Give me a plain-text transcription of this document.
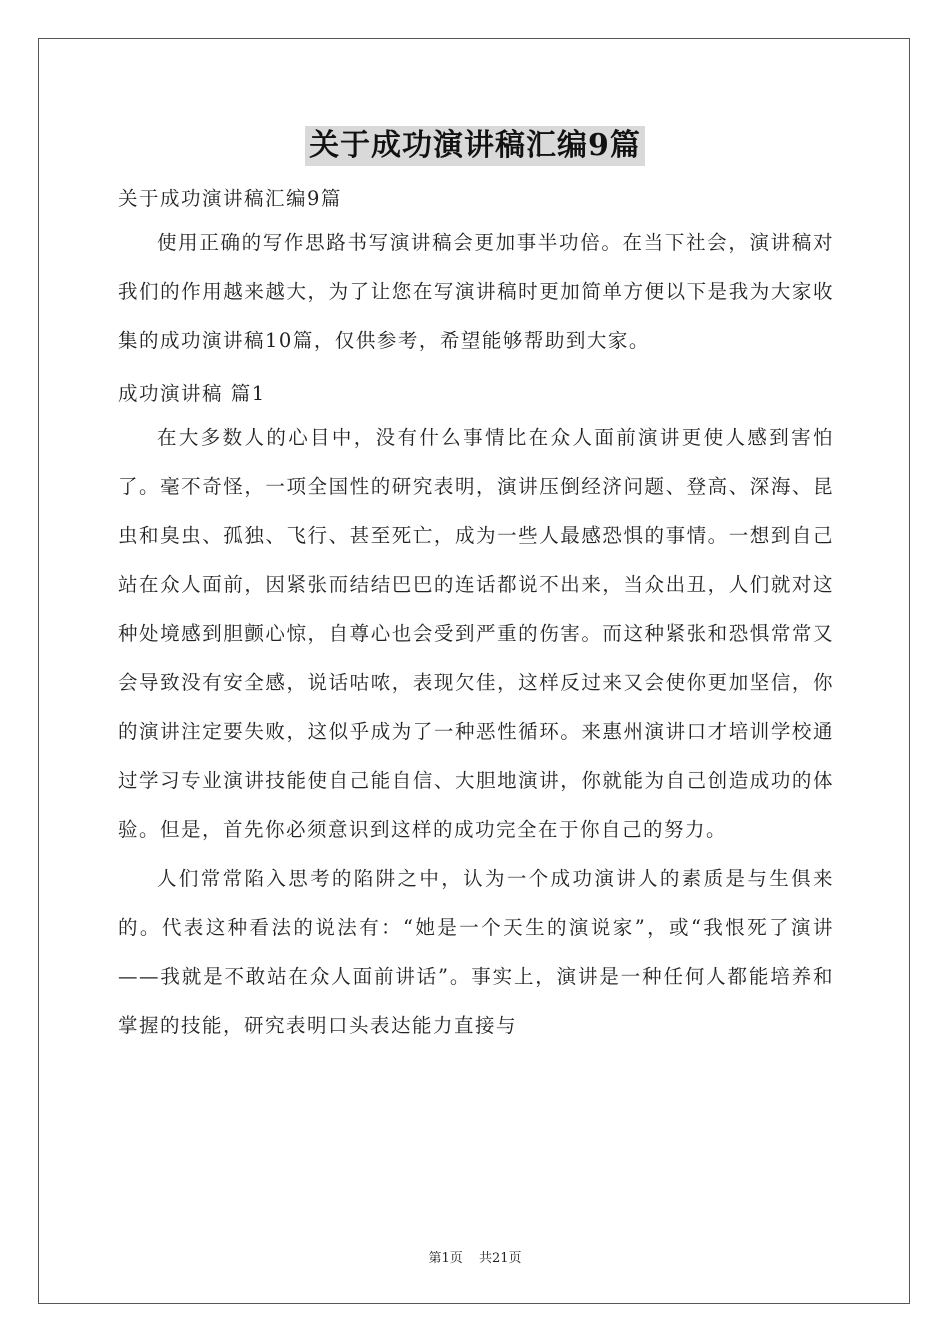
关于成功演讲稿汇编9篇
关于成功演讲稿汇编9篇

使用正确的写作思路书写演讲稿会更加事半功倍。在当下社会，演讲稿对我们的作用越来越大，为了让您在写演讲稿时更加简单方便以下是我为大家收集的成功演讲稿10篇，仅供参考，希望能够帮助到大家。

成功演讲稿 篇1

在大多数人的心目中，没有什么事情比在众人面前演讲更使人感到害怕了。毫不奇怪，一项全国性的研究表明，演讲压倒经济问题、登高、深海、昆虫和臭虫、孤独、飞行、甚至死亡，成为一些人最感恐惧的事情。一想到自己站在众人面前，因紧张而结结巴巴的连话都说不出来，当众出丑，人们就对这种处境感到胆颤心惊，自尊心也会受到严重的伤害。而这种紧张和恐惧常常又会导致没有安全感，说话咕哝，表现欠佳，这样反过来又会使你更加坚信，你的演讲注定要失败，这似乎成为了一种恶性循环。来惠州演讲口才培训学校通过学习专业演讲技能使自己能自信、大胆地演讲，你就能为自己创造成功的体验。但是，首先你必须意识到这样的成功完全在于你自己的努力。

人们常常陷入思考的陷阱之中，认为一个成功演讲人的素质是与生俱来的。代表这种看法的说法有：“她是一个天生的演说家”，或“我恨死了演讲——我就是不敢站在众人面前讲话”。事实上，演讲是一种任何人都能培养和掌握的技能，研究表明口头表达能力直接与

第1页 共21页
